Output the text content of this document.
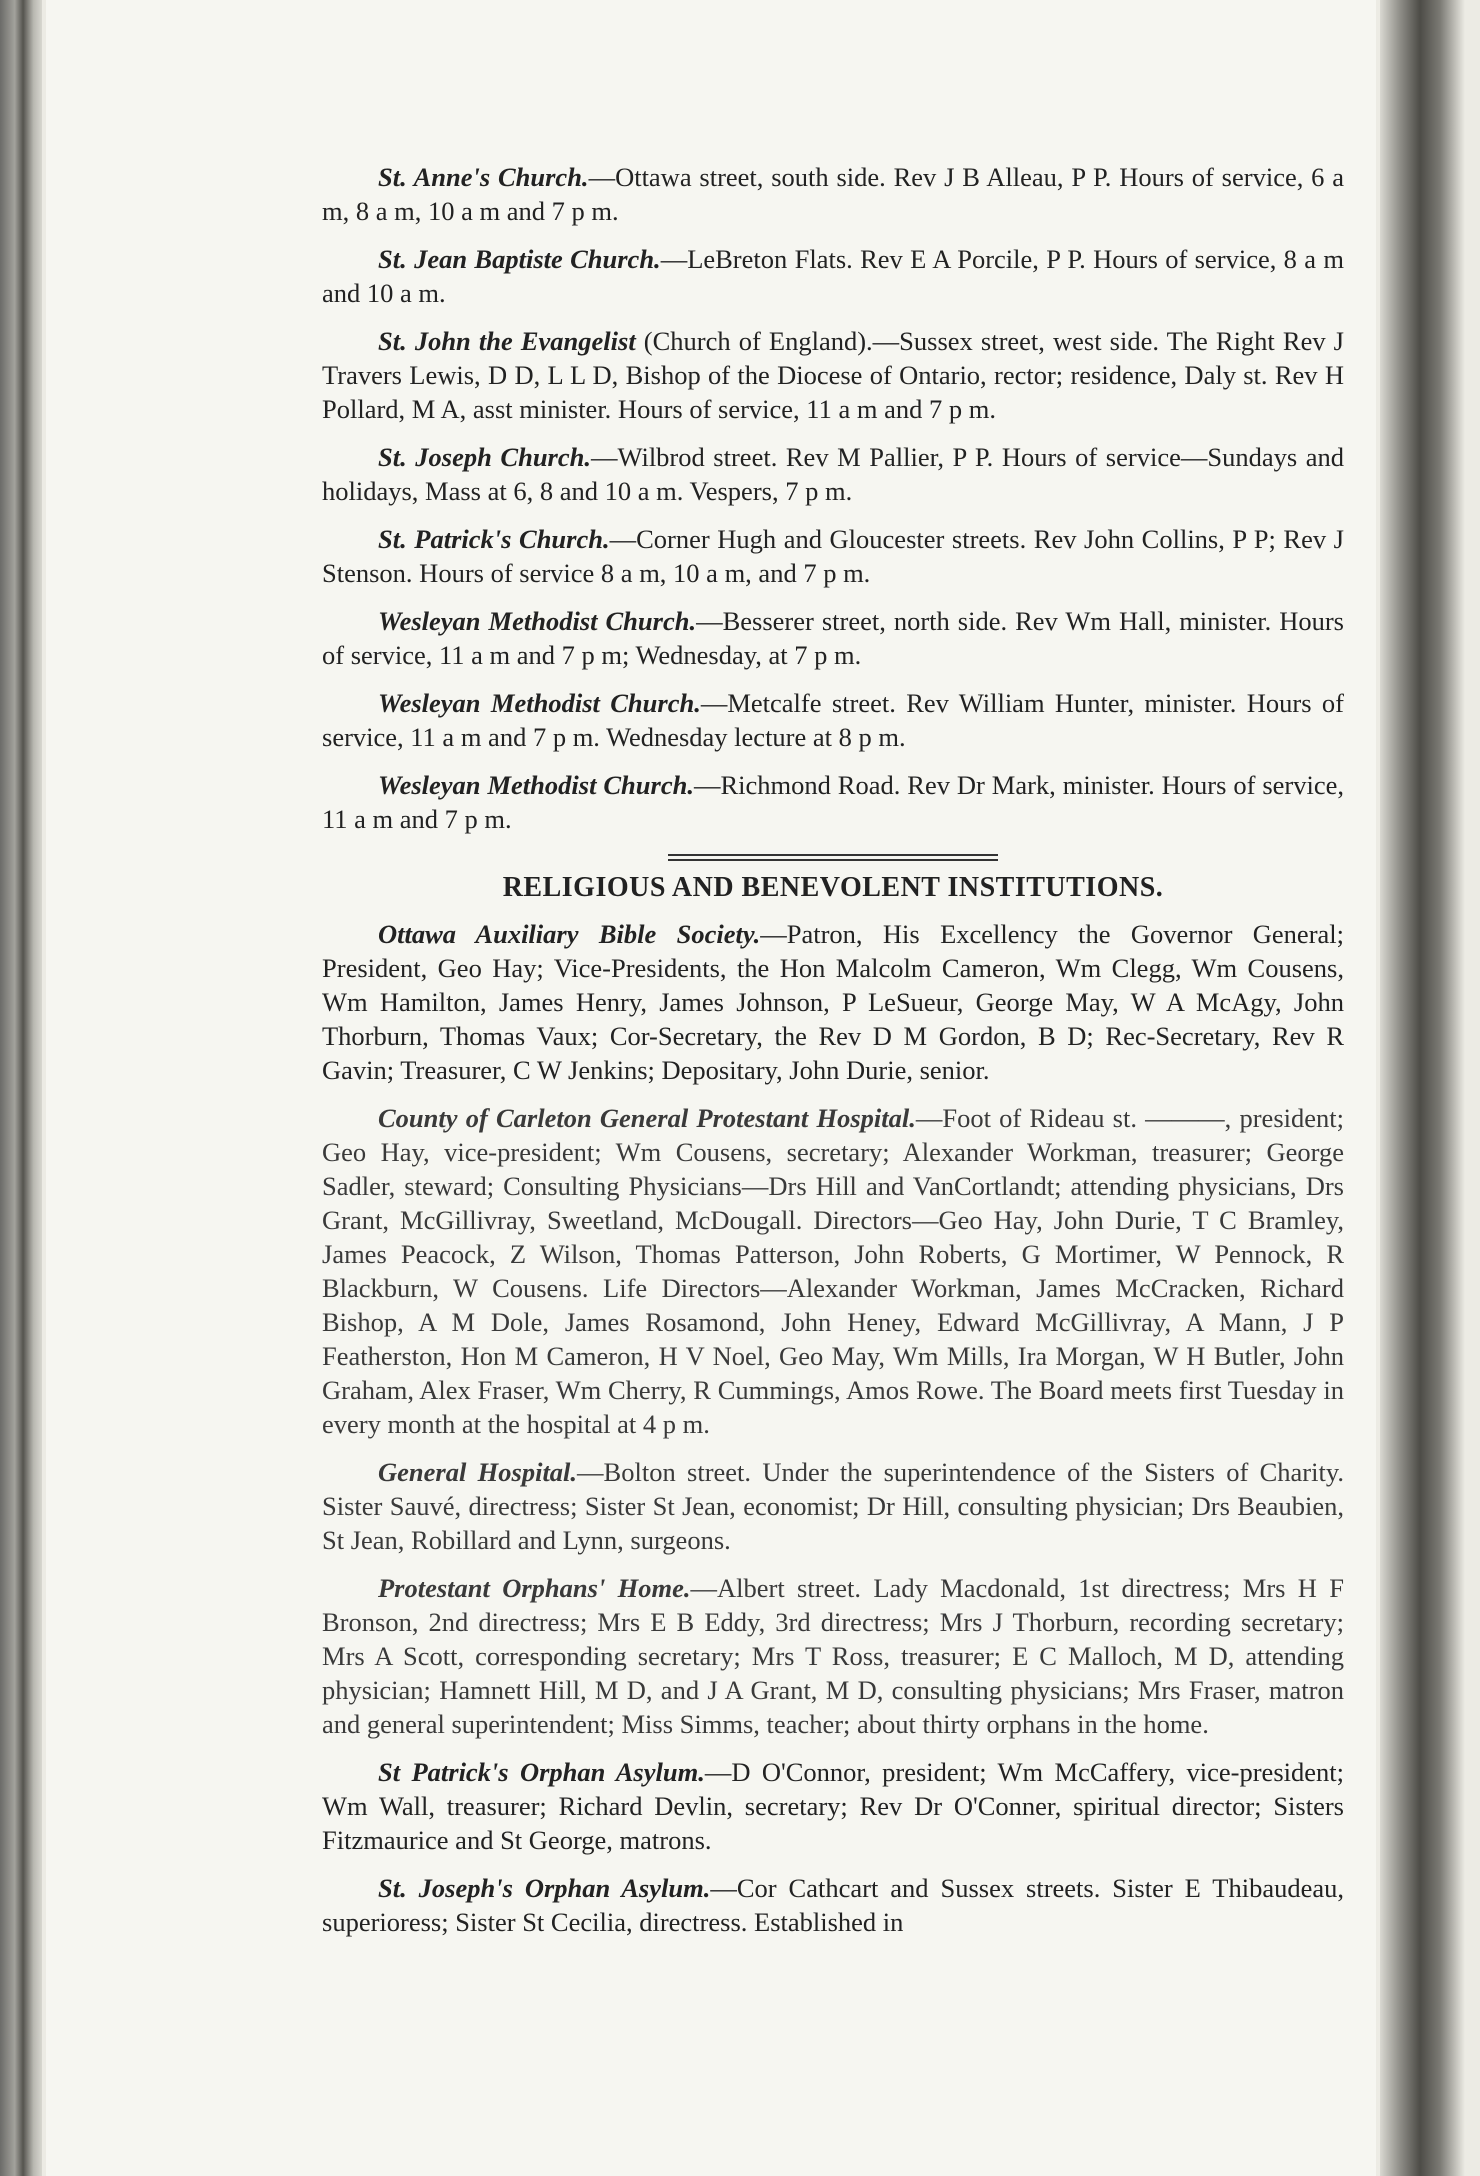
St. Anne's Church.—Ottawa street, south side. Rev J B Alleau, P P. Hours of service, 6 a m, 8 a m, 10 a m and 7 p m.

St. Jean Baptiste Church.—LeBreton Flats. Rev E A Porcile, P P. Hours of service, 8 a m and 10 a m.

St. John the Evangelist (Church of England).—Sussex street, west side. The Right Rev J Travers Lewis, D D, L L D, Bishop of the Diocese of Ontario, rector; residence, Daly st. Rev H Pollard, M A, asst minister. Hours of service, 11 a m and 7 p m.

St. Joseph Church.—Wilbrod street. Rev M Pallier, P P. Hours of service—Sundays and holidays, Mass at 6, 8 and 10 a m. Vespers, 7 p m.

St. Patrick's Church.—Corner Hugh and Gloucester streets. Rev John Collins, P P; Rev J Stenson. Hours of service 8 a m, 10 a m, and 7 p m.

Wesleyan Methodist Church.—Besserer street, north side. Rev Wm Hall, minister. Hours of service, 11 a m and 7 p m; Wednesday, at 7 p m.

Wesleyan Methodist Church.—Metcalfe street. Rev William Hunter, minister. Hours of service, 11 a m and 7 p m. Wednesday lecture at 8 p m.

Wesleyan Methodist Church.—Richmond Road. Rev Dr Mark, minister. Hours of service, 11 a m and 7 p m.

RELIGIOUS AND BENEVOLENT INSTITUTIONS.

Ottawa Auxiliary Bible Society.—Patron, His Excellency the Governor General; President, Geo Hay; Vice-Presidents, the Hon Malcolm Cameron, Wm Clegg, Wm Cousens, Wm Hamilton, James Henry, James Johnson, P LeSueur, George May, W A McAgy, John Thorburn, Thomas Vaux; Cor-Secretary, the Rev D M Gordon, B D; Rec-Secretary, Rev R Gavin; Treasurer, C W Jenkins; Depositary, John Durie, senior.

County of Carleton General Protestant Hospital.—Foot of Rideau st. ———, president; Geo Hay, vice-president; Wm Cousens, secretary; Alexander Workman, treasurer; George Sadler, steward; Consulting Physicians—Drs Hill and VanCortlandt; attending physicians, Drs Grant, McGillivray, Sweetland, McDougall. Directors—Geo Hay, John Durie, T C Bramley, James Peacock, Z Wilson, Thomas Patterson, John Roberts, G Mortimer, W Pennock, R Blackburn, W Cousens. Life Directors—Alexander Workman, James McCracken, Richard Bishop, A M Dole, James Rosamond, John Heney, Edward McGillivray, A Mann, J P Featherston, Hon M Cameron, H V Noel, Geo May, Wm Mills, Ira Morgan, W H Butler, John Graham, Alex Fraser, Wm Cherry, R Cummings, Amos Rowe. The Board meets first Tuesday in every month at the hospital at 4 p m.

General Hospital.—Bolton street. Under the superintendence of the Sisters of Charity. Sister Sauvé, directress; Sister St Jean, economist; Dr Hill, consulting physician; Drs Beaubien, St Jean, Robillard and Lynn, surgeons.

Protestant Orphans' Home.—Albert street. Lady Macdonald, 1st directress; Mrs H F Bronson, 2nd directress; Mrs E B Eddy, 3rd directress; Mrs J Thorburn, recording secretary; Mrs A Scott, corresponding secretary; Mrs T Ross, treasurer; E C Malloch, M D, attending physician; Hamnett Hill, M D, and J A Grant, M D, consulting physicians; Mrs Fraser, matron and general superintendent; Miss Simms, teacher; about thirty orphans in the home.

St Patrick's Orphan Asylum.—D O'Connor, president; Wm McCaffery, vice-president; Wm Wall, treasurer; Richard Devlin, secretary; Rev Dr O'Conner, spiritual director; Sisters Fitzmaurice and St George, matrons.

St. Joseph's Orphan Asylum.—Cor Cathcart and Sussex streets. Sister E Thibaudeau, superioress; Sister St Cecilia, directress. Established in
